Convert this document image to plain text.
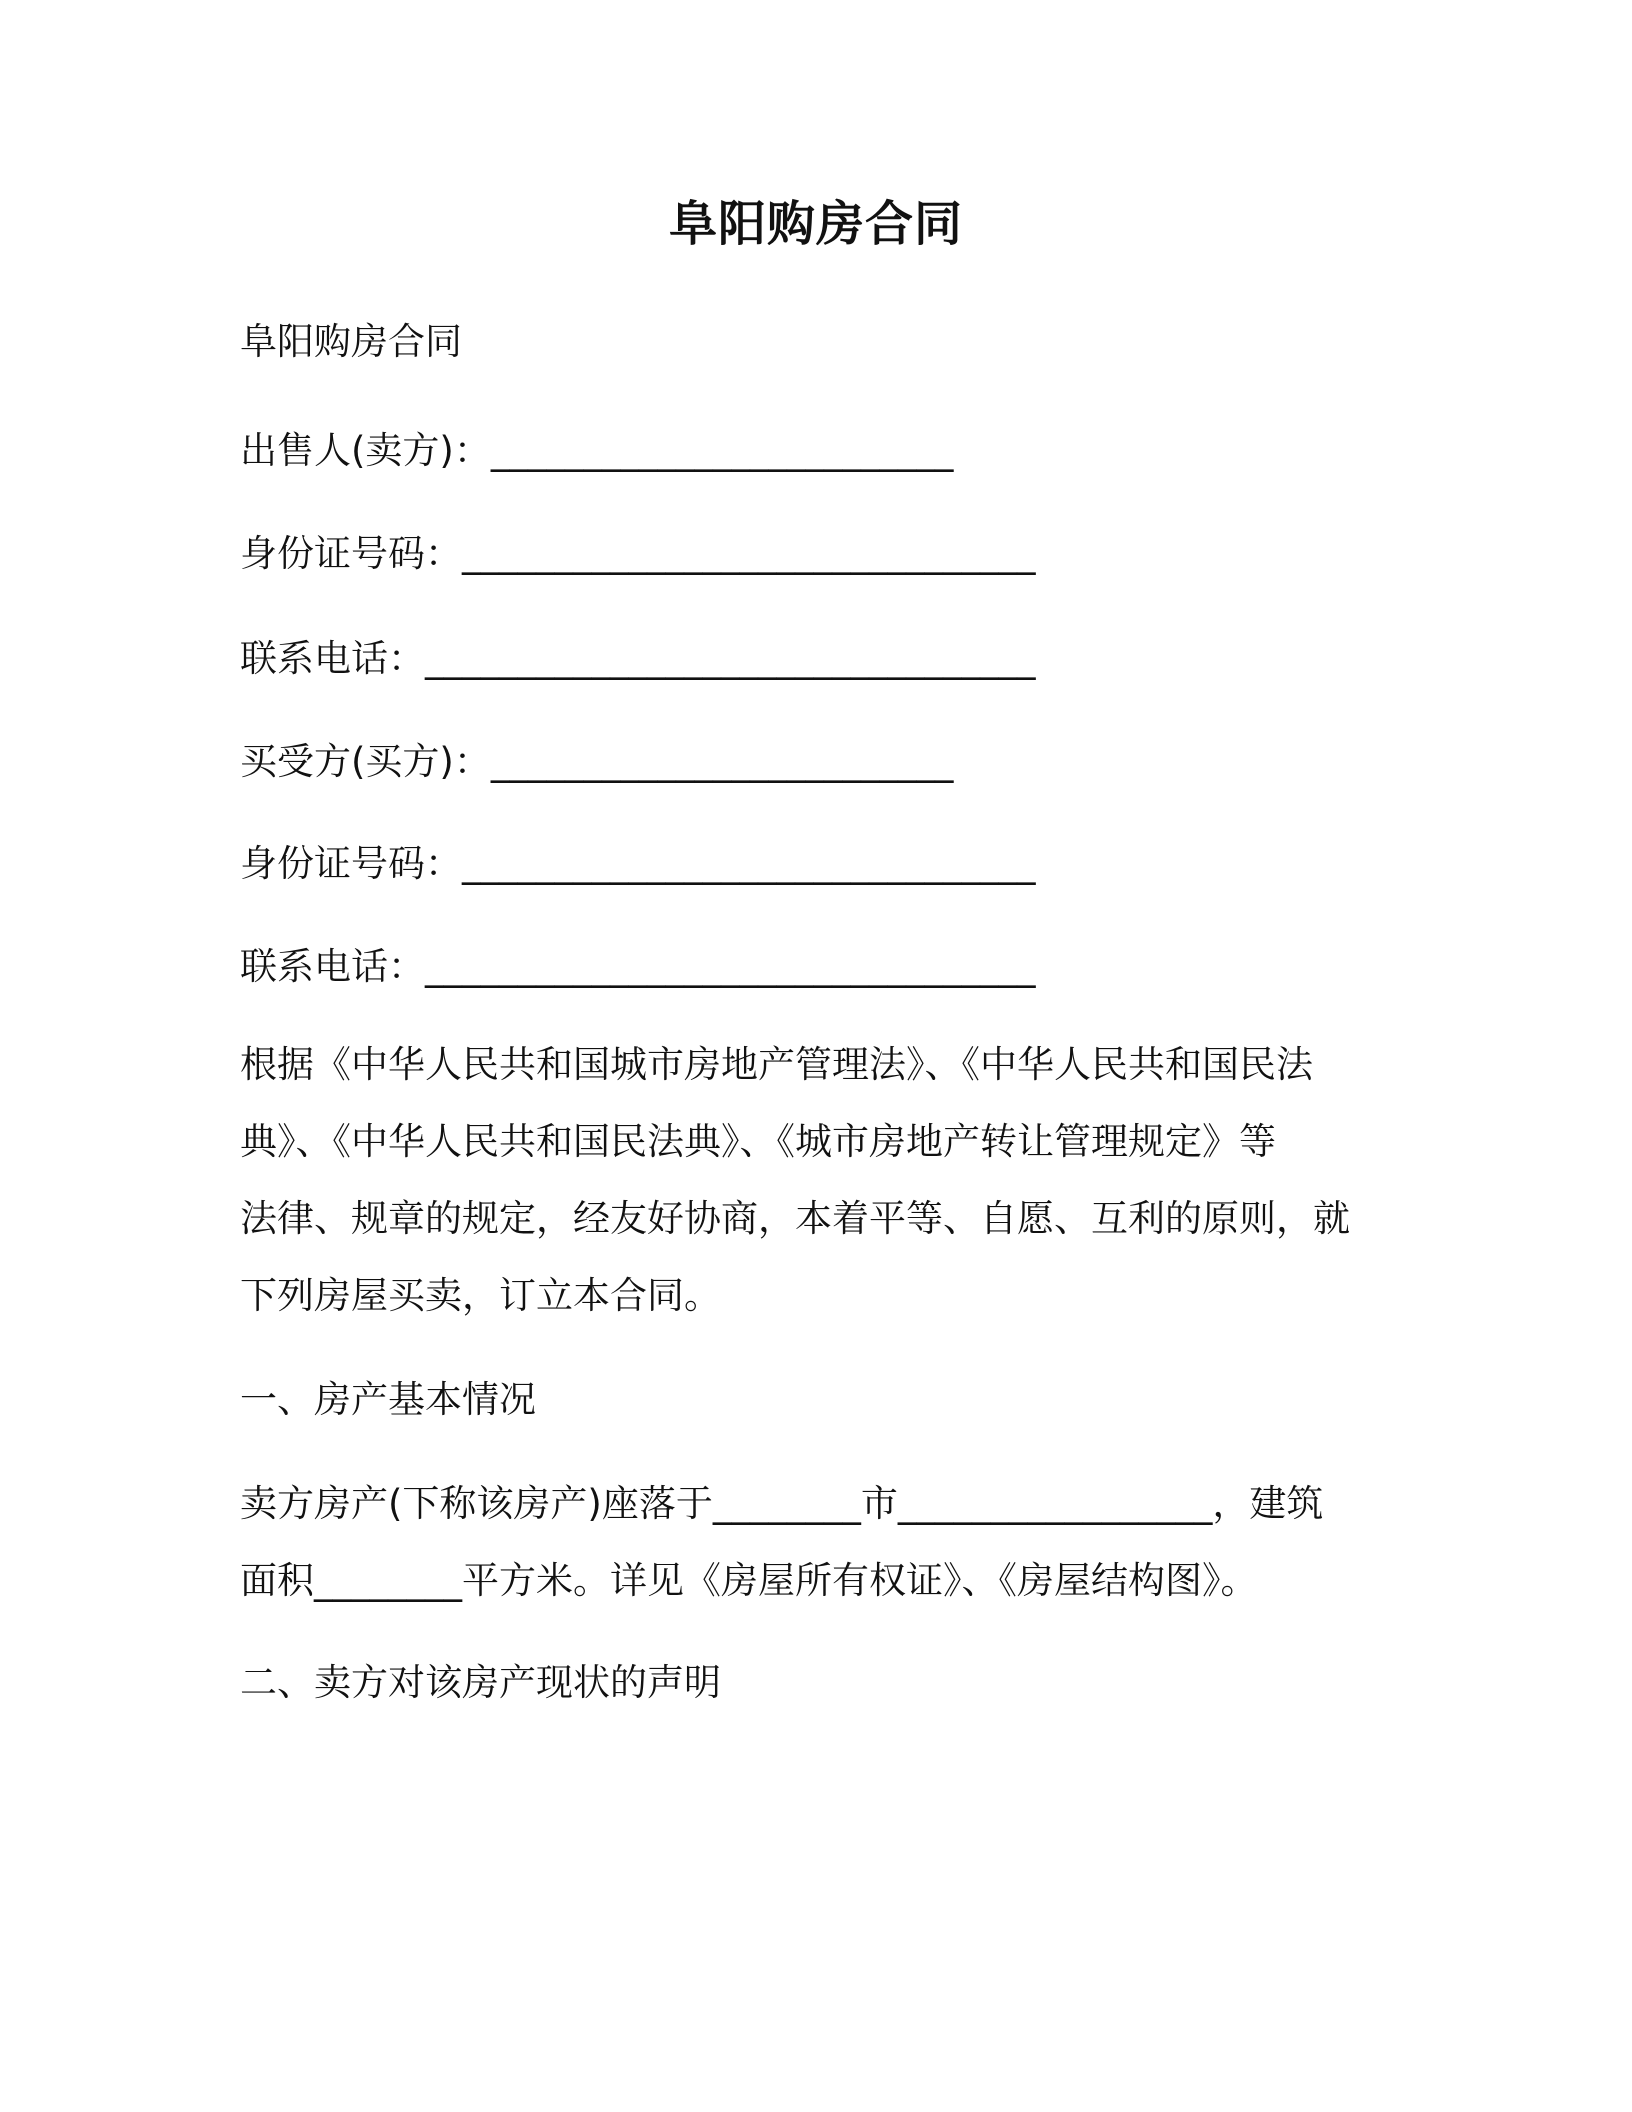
阜阳购房合同
阜阳购房合同
出售人(卖方)：_________________________
身份证号码：_______________________________
联系电话：_________________________________
买受方(买方)：_________________________
身份证号码：_______________________________
联系电话：_________________________________
根据《中华人民共和国城市房地产管理法》、《中华人民共和国民法
典》、《中华人民共和国民法典》、《城市房地产转让管理规定》等
法律、规章的规定，经友好协商，本着平等、自愿、互利的原则，就
下列房屋买卖，订立本合同。
一、房产基本情况
卖方房产(下称该房产)座落于________市_________________，建筑
面积________平方米。详见《房屋所有权证》、《房屋结构图》。
二、卖方对该房产现状的声明
